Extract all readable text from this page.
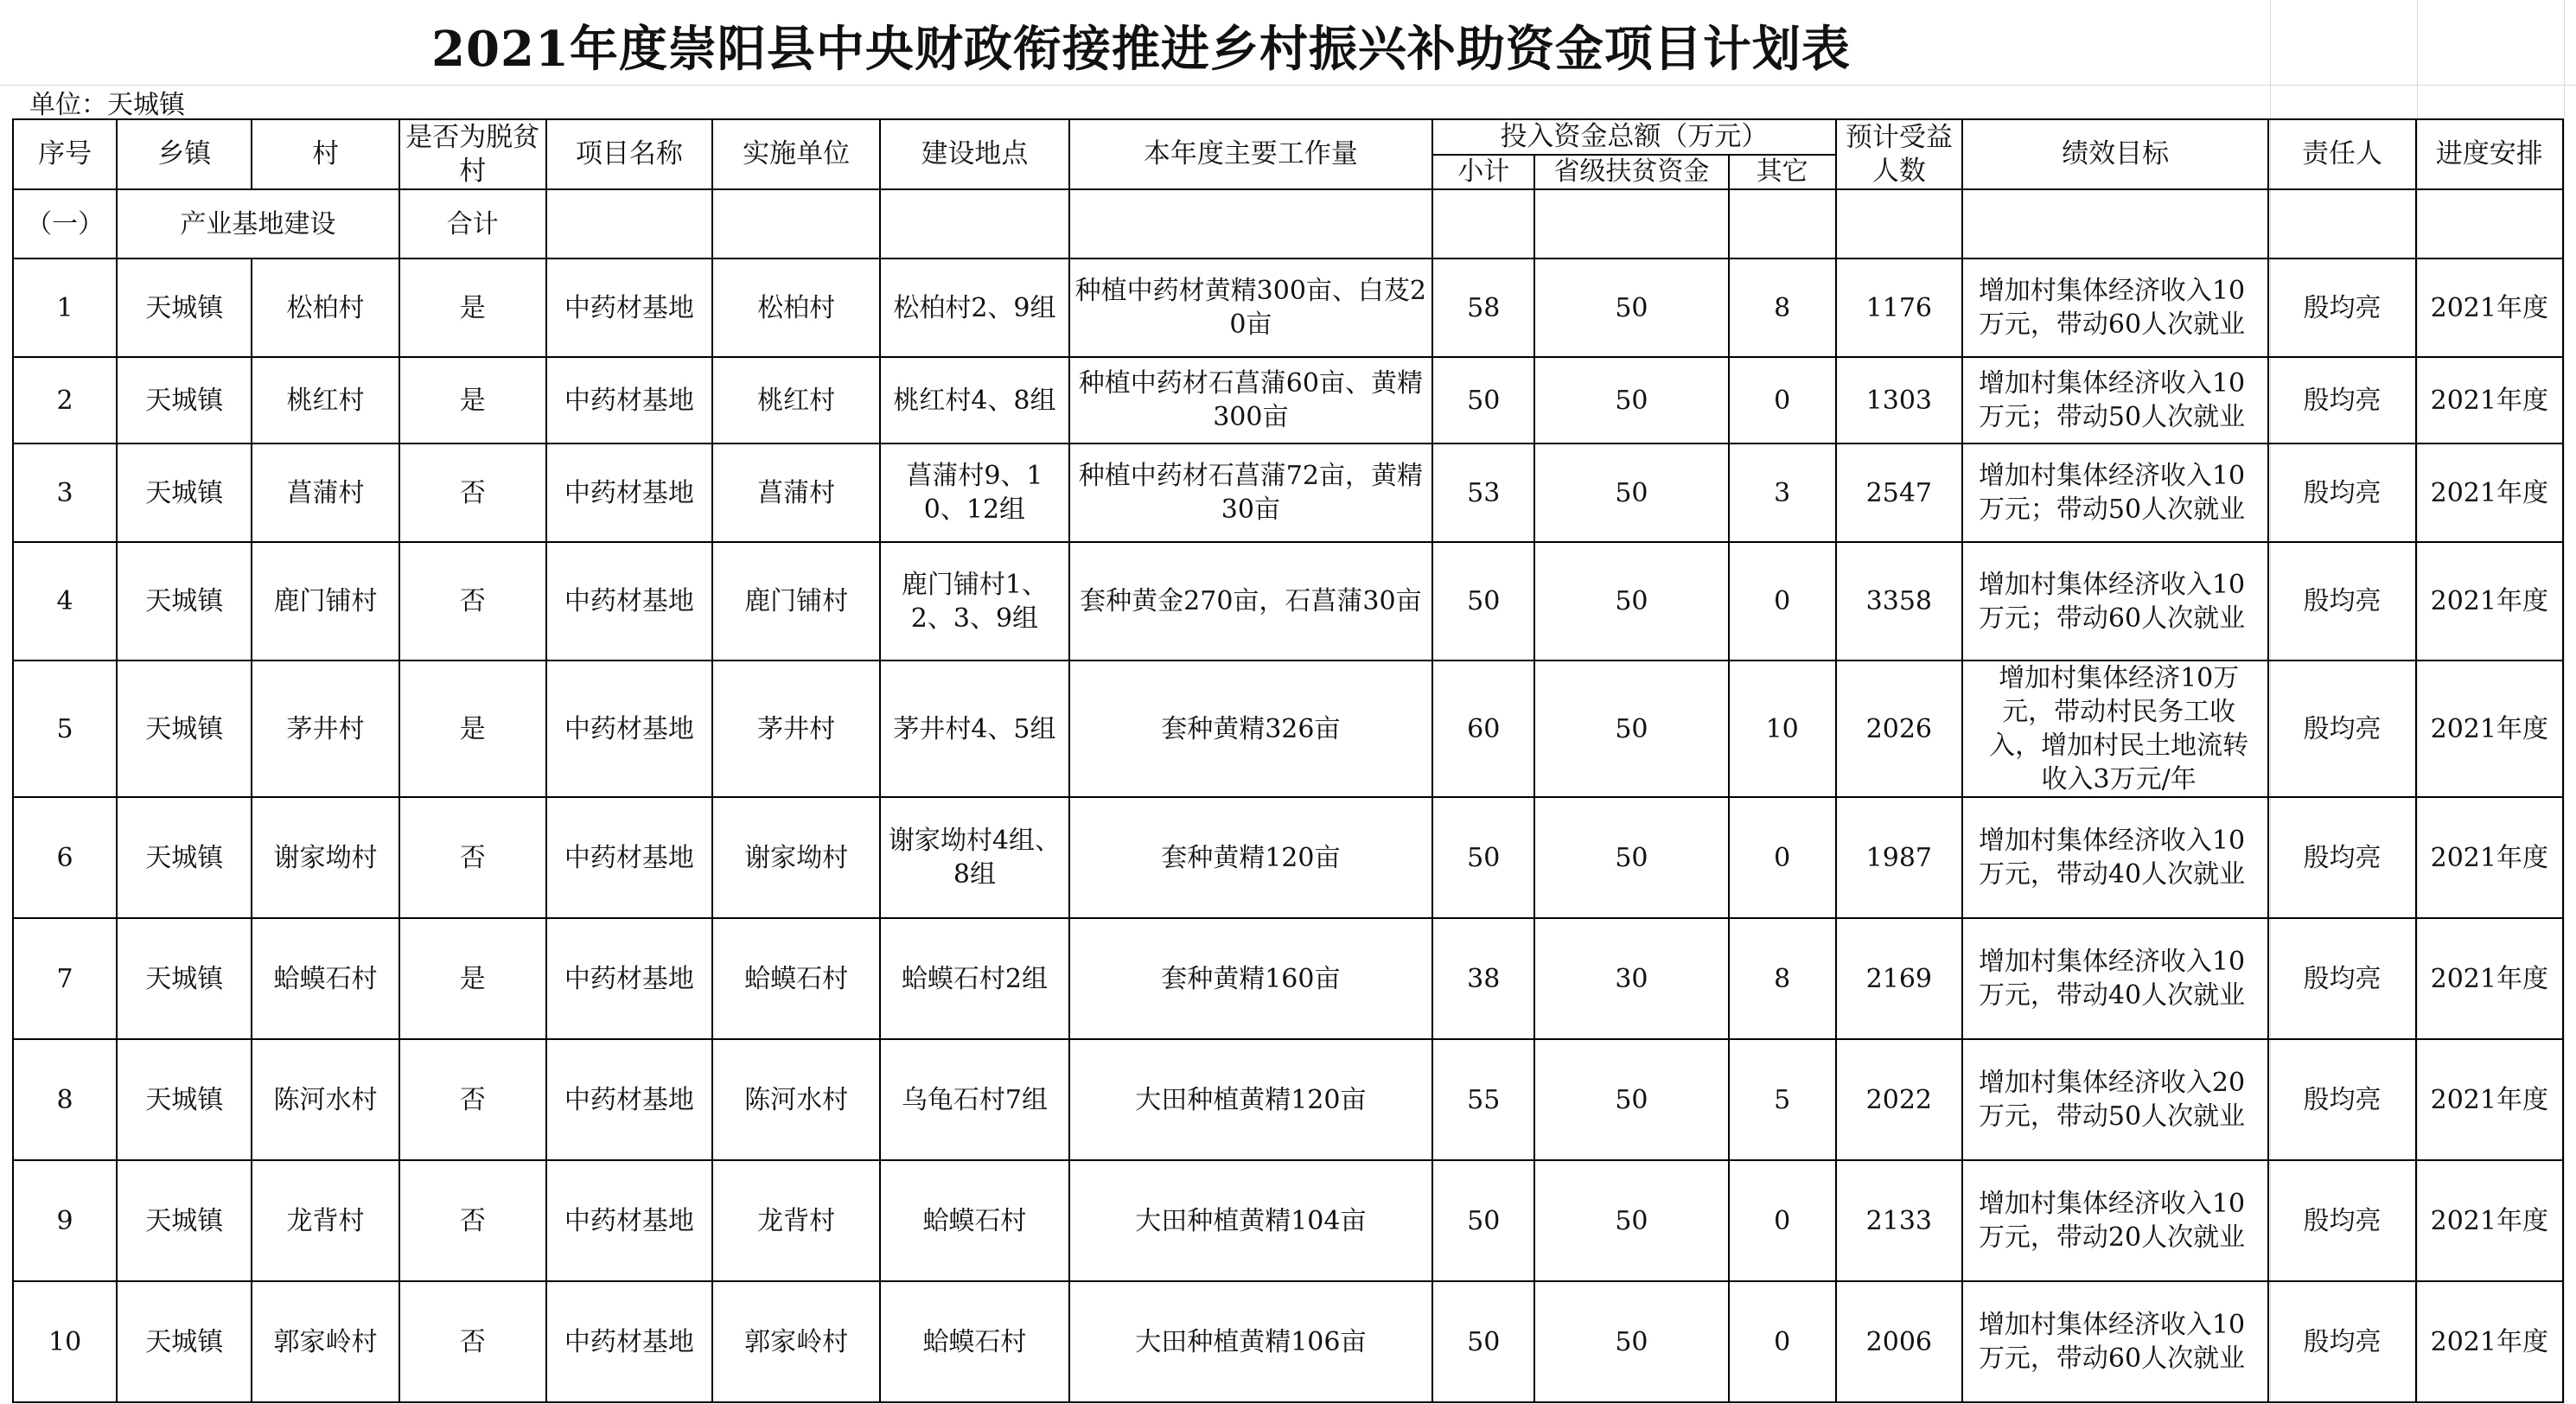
2021年度崇阳县中央财政衔接推进乡村振兴补助资金项目计划表
单位：天城镇
序号	乡镇	村	是否为脱贫村	项目名称	实施单位	建设地点	本年度主要工作量	投入资金总额（万元）			预计受益人数	绩效目标	责任人	进度安排
								小计	省级扶贫资金	其它				
（一）	产业基地建设		合计											
1	天城镇	松柏村	是	中药材基地	松柏村	松柏村2、9组	种植中药材黄精300亩、白芨20亩	58	50	8	1176	增加村集体经济收入10万元，带动60人次就业	殷均亮	2021年度
2	天城镇	桃红村	是	中药材基地	桃红村	桃红村4、8组	种植中药材石菖蒲60亩、黄精300亩	50	50	0	1303	增加村集体经济收入10万元；带动50人次就业	殷均亮	2021年度
3	天城镇	菖蒲村	否	中药材基地	菖蒲村	菖蒲村9、10、12组	种植中药材石菖蒲72亩，黄精30亩	53	50	3	2547	增加村集体经济收入10万元；带动50人次就业	殷均亮	2021年度
4	天城镇	鹿门铺村	否	中药材基地	鹿门铺村	鹿门铺村1、2、3、9组	套种黄金270亩，石菖蒲30亩	50	50	0	3358	增加村集体经济收入10万元；带动60人次就业	殷均亮	2021年度
5	天城镇	茅井村	是	中药材基地	茅井村	茅井村4、5组	套种黄精326亩	60	50	10	2026	增加村集体经济10万元，带动村民务工收入，增加村民土地流转收入3万元/年	殷均亮	2021年度
6	天城镇	谢家坳村	否	中药材基地	谢家坳村	谢家坳村4组、8组	套种黄精120亩	50	50	0	1987	增加村集体经济收入10万元，带动40人次就业	殷均亮	2021年度
7	天城镇	蛤蟆石村	是	中药材基地	蛤蟆石村	蛤蟆石村2组	套种黄精160亩	38	30	8	2169	增加村集体经济收入10万元，带动40人次就业	殷均亮	2021年度
8	天城镇	陈河水村	否	中药材基地	陈河水村	乌龟石村7组	大田种植黄精120亩	55	50	5	2022	增加村集体经济收入20万元，带动50人次就业	殷均亮	2021年度
9	天城镇	龙背村	否	中药材基地	龙背村	蛤蟆石村	大田种植黄精104亩	50	50	0	2133	增加村集体经济收入10万元，带动20人次就业	殷均亮	2021年度
10	天城镇	郭家岭村	否	中药材基地	郭家岭村	蛤蟆石村	大田种植黄精106亩	50	50	0	2006	增加村集体经济收入10万元，带动60人次就业	殷均亮	2021年度
